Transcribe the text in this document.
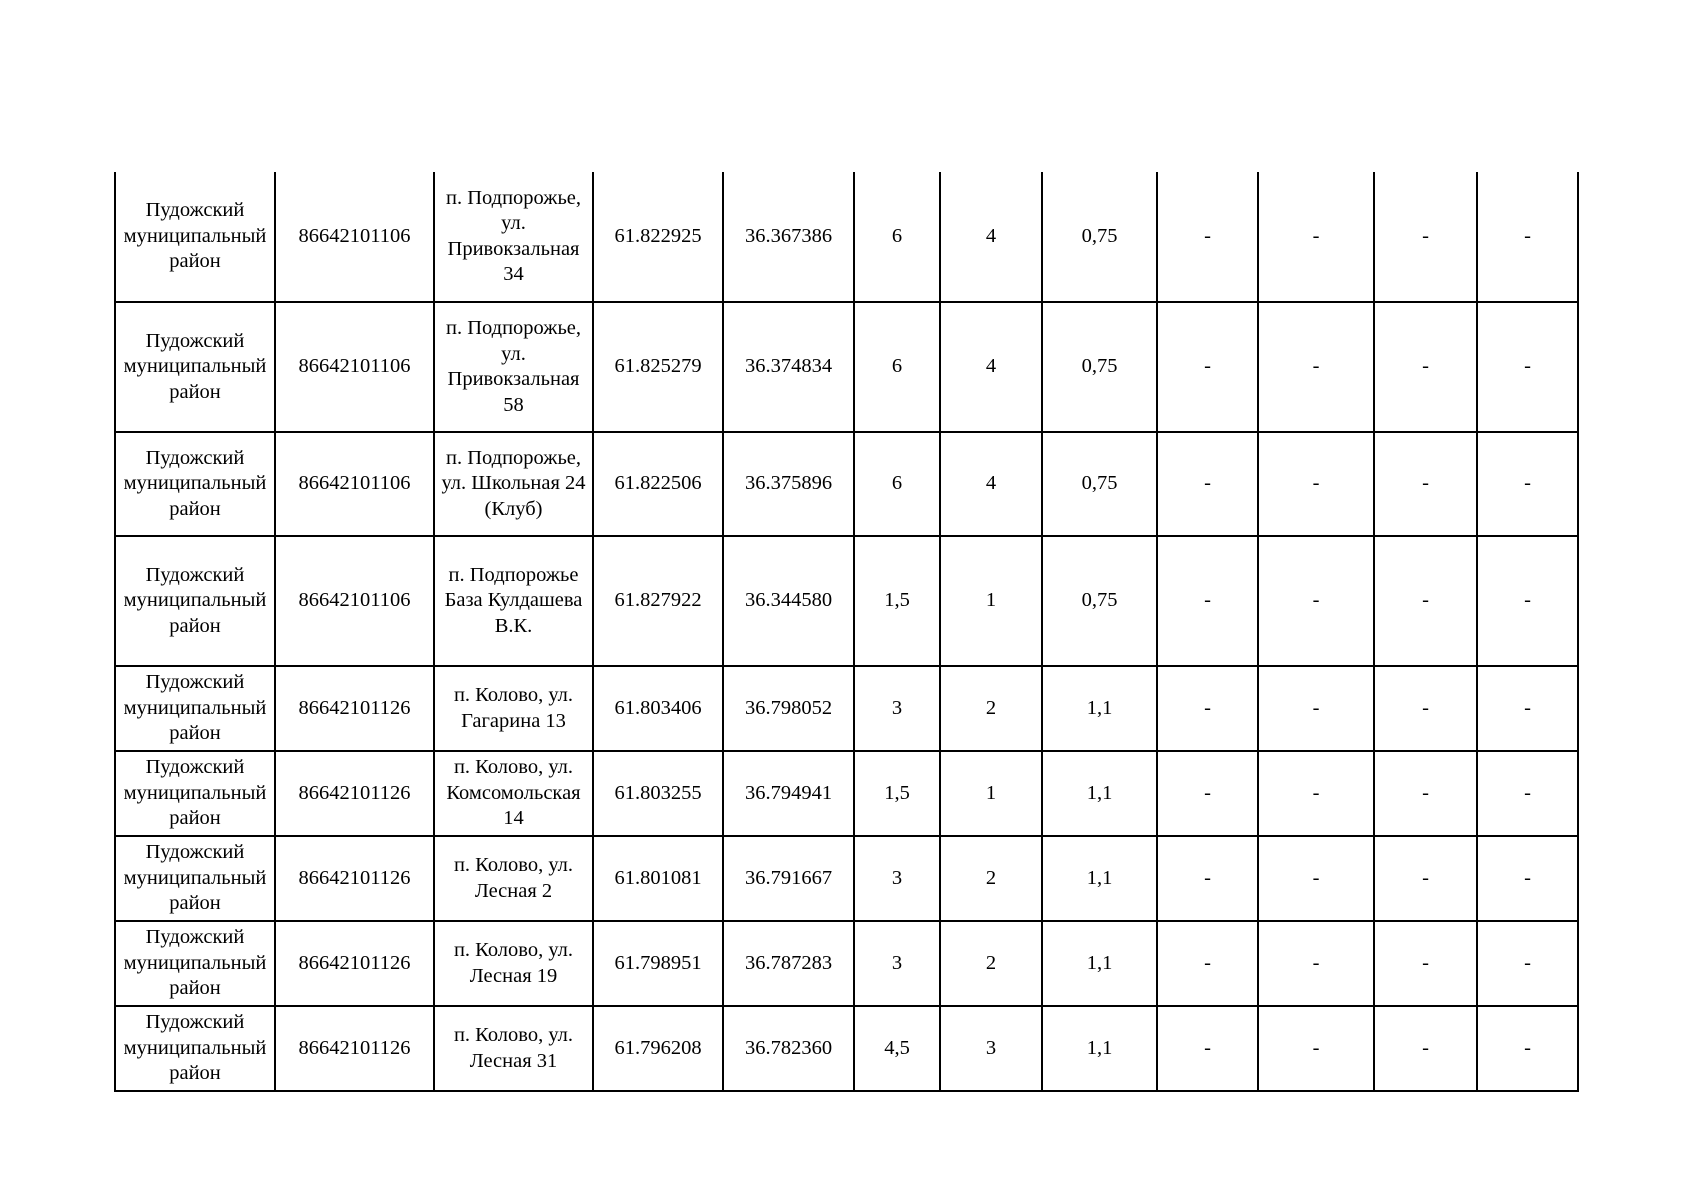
Пудожский муниципальный район	86642101106	п. Подпорожье, ул. Привокзальная 34	61.822925	36.367386	6	4	0,75	-	-	-	-
Пудожский муниципальный район	86642101106	п. Подпорожье, ул. Привокзальная 58	61.825279	36.374834	6	4	0,75	-	-	-	-
Пудожский муниципальный район	86642101106	п. Подпорожье, ул. Школьная 24 (Клуб)	61.822506	36.375896	6	4	0,75	-	-	-	-
Пудожский муниципальный район	86642101106	п. Подпорожье База Кулдашева В.К.	61.827922	36.344580	1,5	1	0,75	-	-	-	-
Пудожский муниципальный район	86642101126	п. Колово, ул. Гагарина 13	61.803406	36.798052	3	2	1,1	-	-	-	-
Пудожский муниципальный район	86642101126	п. Колово, ул. Комсомольская 14	61.803255	36.794941	1,5	1	1,1	-	-	-	-
Пудожский муниципальный район	86642101126	п. Колово, ул. Лесная 2	61.801081	36.791667	3	2	1,1	-	-	-	-
Пудожский муниципальный район	86642101126	п. Колово, ул. Лесная 19	61.798951	36.787283	3	2	1,1	-	-	-	-
Пудожский муниципальный район	86642101126	п. Колово, ул. Лесная 31	61.796208	36.782360	4,5	3	1,1	-	-	-	-
